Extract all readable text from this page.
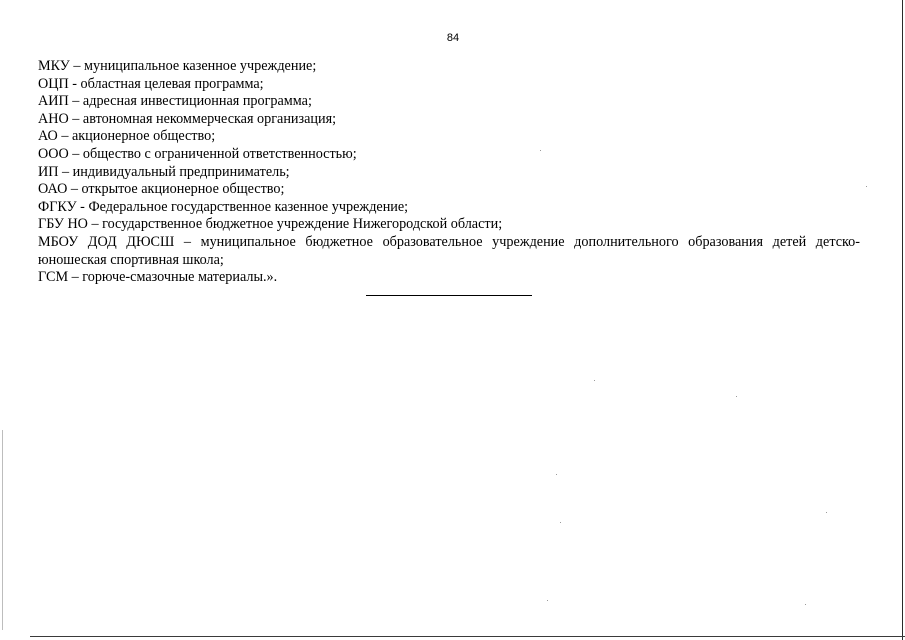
84
МКУ – муниципальное казенное учреждение;
ОЦП - областная целевая программа;
АИП – адресная инвестиционная программа;
АНО – автономная некоммерческая организация;
АО – акционерное общество;
ООО – общество с ограниченной ответственностью;
ИП – индивидуальный предприниматель;
ОАО – открытое акционерное общество;
ФГКУ - Федеральное государственное казенное учреждение;
ГБУ НО – государственное бюджетное учреждение Нижегородской области;
МБОУ ДОД ДЮСШ – муниципальное бюджетное образовательное учреждение дополнительного образования детей детско-юношеская спортивная школа;
ГСМ – горюче-смазочные материалы.».
